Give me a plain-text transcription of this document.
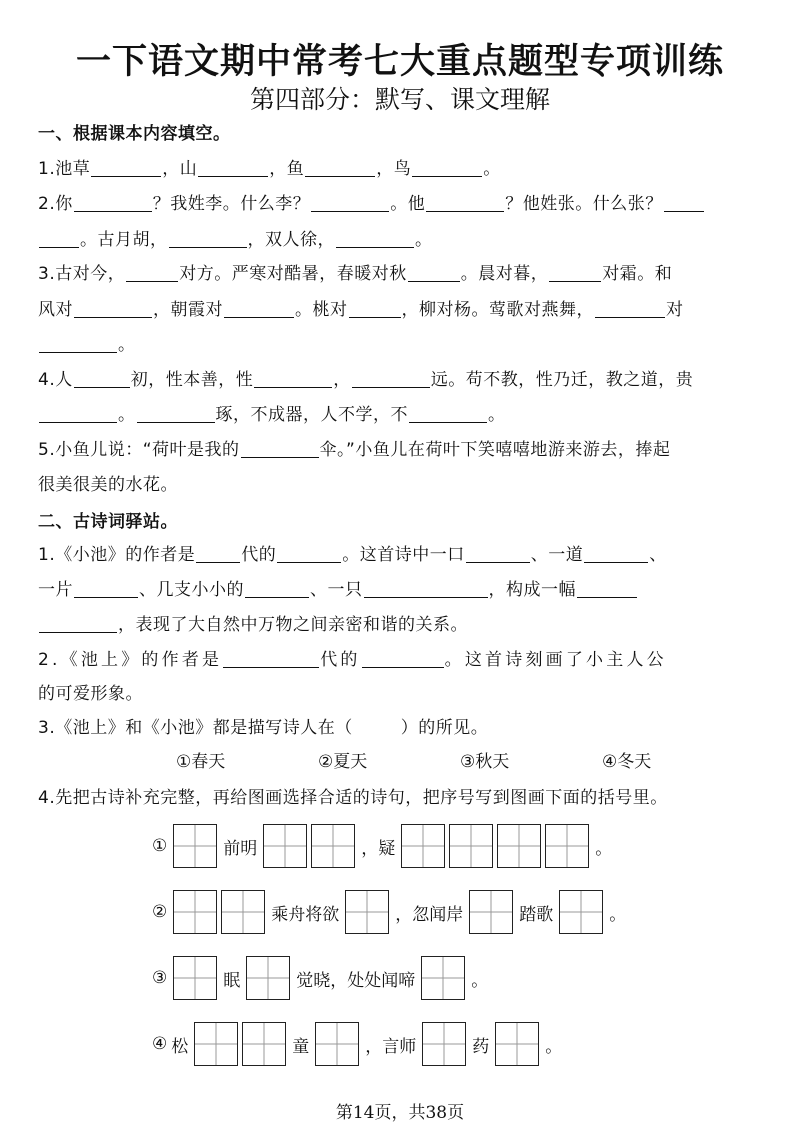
一下语文期中常考七大重点题型专项训练
第四部分：默写、课文理解
一、根据课本内容填空。
1.池草	，山	，鱼	，鸟	。
2.你	？我姓李。什么李？	。他	？他姓张。什么张？
。古月胡，	，双人徐，	。
3.古对今，	对方。严寒对酷暑，春暖对秋	。晨对暮，	对霜。和
风对	，朝霞对	。桃对	，柳对杨。莺歌对燕舞，	对
。
4.人	初，性本善，性	，	远。苟不教，性乃迁，教之道，贵
。	琢，不成器，人不学，不	。
5.小鱼儿说：“荷叶是我的	伞。”小鱼儿在荷叶下笑嘻嘻地游来游去，捧起
很美很美的水花。
二、古诗词驿站。
1.《小池》的作者是	代的	。这首诗中一口	、一道	、
一片	、几支小小的	、一只	，构成一幅
，表现了大自然中万物之间亲密和谐的关系。
2.《池上》的作者是	代的	。这首诗刻画了小主人公
的可爱形象。
3.《池上》和《小池》都是描写诗人在（	）的所见。
①春天	②夏天	③秋天	④冬天
4.先把古诗补充完整，再给图画选择合适的诗句，把序号写到图画下面的括号里。
①	前明	，疑	。
②	乘舟将欲	，忽闻岸	踏歌	。
③	眠	觉晓，处处闻啼	。
④ 松	童	，言师	药	。
第14页，共38页
